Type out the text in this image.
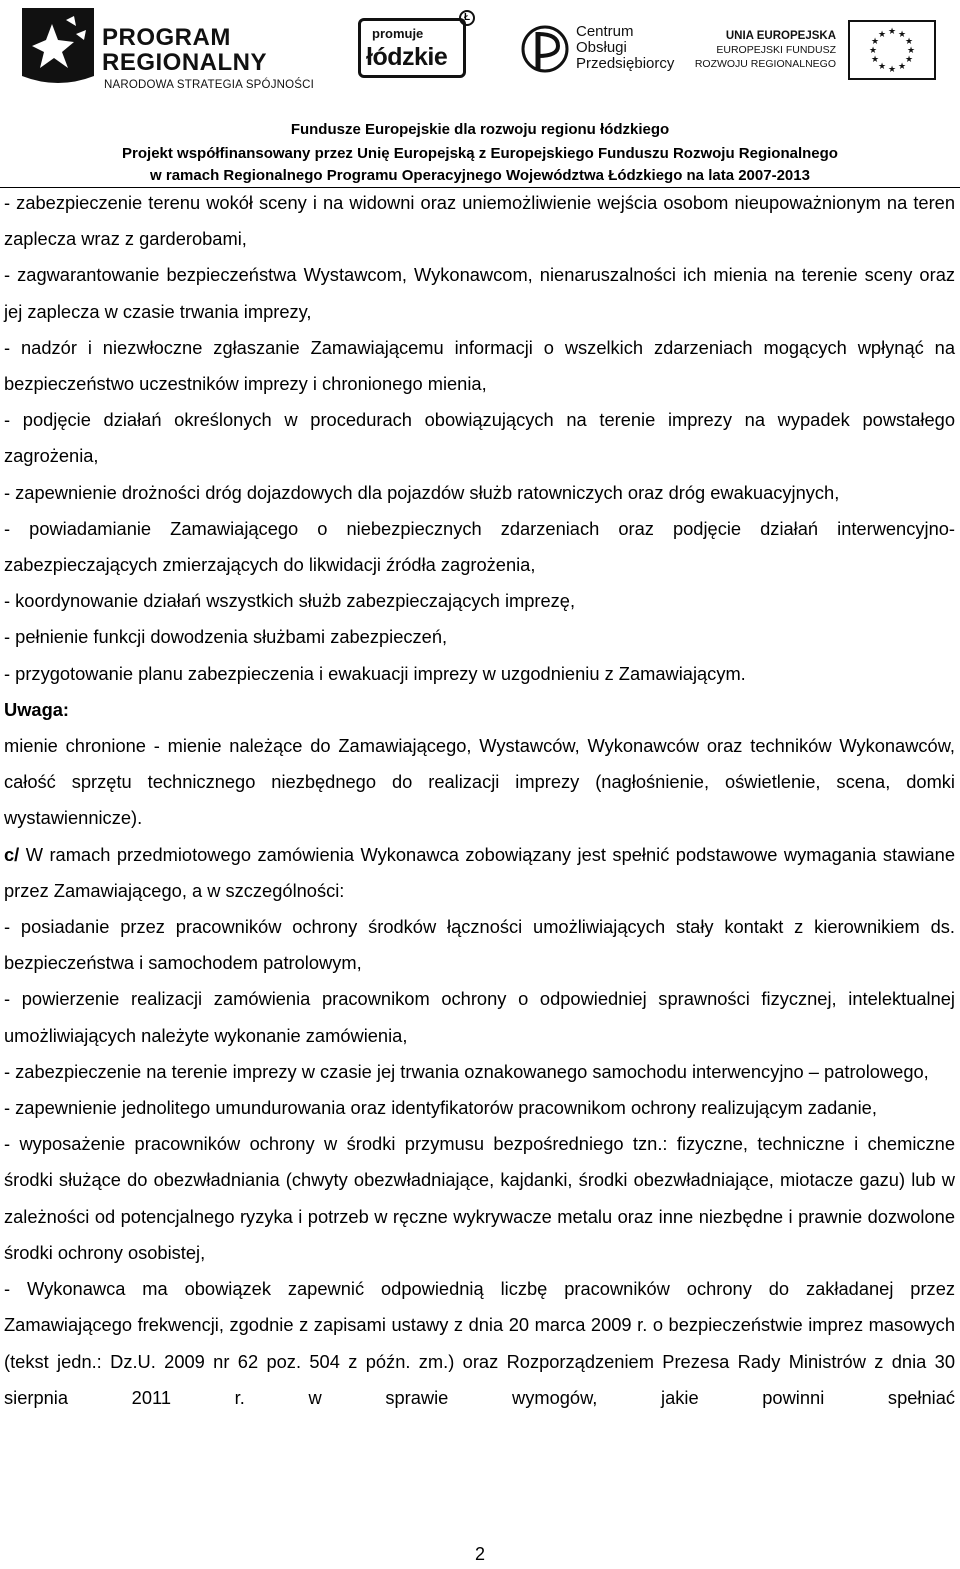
PROGRAM
REGIONALNY
NARODOWA STRATEGIA SPÓJNOŚCI
promuje
łódzkie
Ł
Centrum
Obsługi
Przedsiębiorcy
UNIA EUROPEJSKA
EUROPEJSKI FUNDUSZ
ROZWOJU REGIONALNEGO
★ ★
★
★
★
★
★
★
★
★
★
★
Fundusze Europejskie dla rozwoju regionu łódzkiego
Projekt współfinansowany przez Unię Europejską z Europejskiego Funduszu Rozwoju Regionalnego
w ramach Regionalnego Programu Operacyjnego Województwa Łódzkiego na lata 2007-2013

- zabezpieczenie terenu wokół sceny i na widowni oraz uniemożliwienie wejścia osobom nieupoważnionym na teren zaplecza wraz z garderobami,

- zagwarantowanie bezpieczeństwa Wystawcom, Wykonawcom, nienaruszalności ich mienia na terenie sceny oraz jej zaplecza w czasie trwania imprezy,

- nadzór i niezwłoczne zgłaszanie Zamawiającemu informacji o wszelkich zdarzeniach mogących wpłynąć na bezpieczeństwo uczestników imprezy i chronionego mienia,

- podjęcie działań określonych w procedurach obowiązujących na terenie imprezy na wypadek powstałego zagrożenia,

- zapewnienie drożności dróg dojazdowych dla pojazdów służb ratowniczych oraz dróg ewakuacyjnych,

- powiadamianie Zamawiającego o niebezpiecznych zdarzeniach oraz podjęcie działań interwencyjno-zabezpieczających zmierzających do likwidacji źródła zagrożenia,

- koordynowanie działań wszystkich służb zabezpieczających imprezę,

- pełnienie funkcji dowodzenia służbami zabezpieczeń,

- przygotowanie planu zabezpieczenia i ewakuacji imprezy w uzgodnieniu z Zamawiającym.

Uwaga:

mienie chronione - mienie należące do Zamawiającego, Wystawców, Wykonawców oraz techników Wykonawców, całość sprzętu technicznego niezbędnego do realizacji imprezy (nagłośnienie, oświetlenie, scena, domki wystawiennicze).

c/ W ramach przedmiotowego zamówienia Wykonawca zobowiązany jest spełnić podstawowe wymagania stawiane przez Zamawiającego, a w szczególności:

- posiadanie przez pracowników ochrony środków łączności umożliwiających stały kontakt z kierownikiem ds. bezpieczeństwa i samochodem patrolowym,

- powierzenie realizacji zamówienia pracownikom ochrony o odpowiedniej sprawności fizycznej, intelektualnej umożliwiających należyte wykonanie zamówienia,

- zabezpieczenie na terenie imprezy w czasie jej trwania oznakowanego samochodu interwencyjno – patrolowego,

- zapewnienie jednolitego umundurowania oraz identyfikatorów pracownikom ochrony realizującym zadanie,

- wyposażenie pracowników ochrony w środki przymusu bezpośredniego tzn.: fizyczne, techniczne i chemiczne środki służące do obezwładniania (chwyty obezwładniające, kajdanki, środki obezwładniające, miotacze gazu) lub w zależności od potencjalnego ryzyka i potrzeb w ręczne wykrywacze metalu oraz inne niezbędne i prawnie dozwolone środki ochrony osobistej,

- Wykonawca ma obowiązek zapewnić odpowiednią liczbę pracowników ochrony do zakładanej przez Zamawiającego frekwencji, zgodnie z zapisami ustawy z dnia 20 marca 2009 r. o bezpieczeństwie imprez masowych (tekst jedn.: Dz.U. 2009 nr 62 poz. 504 z późn. zm.) oraz Rozporządzeniem Prezesa Rady Ministrów z dnia 30 sierpnia 2011 r. w sprawie wymogów, jakie powinni spełniać

2
